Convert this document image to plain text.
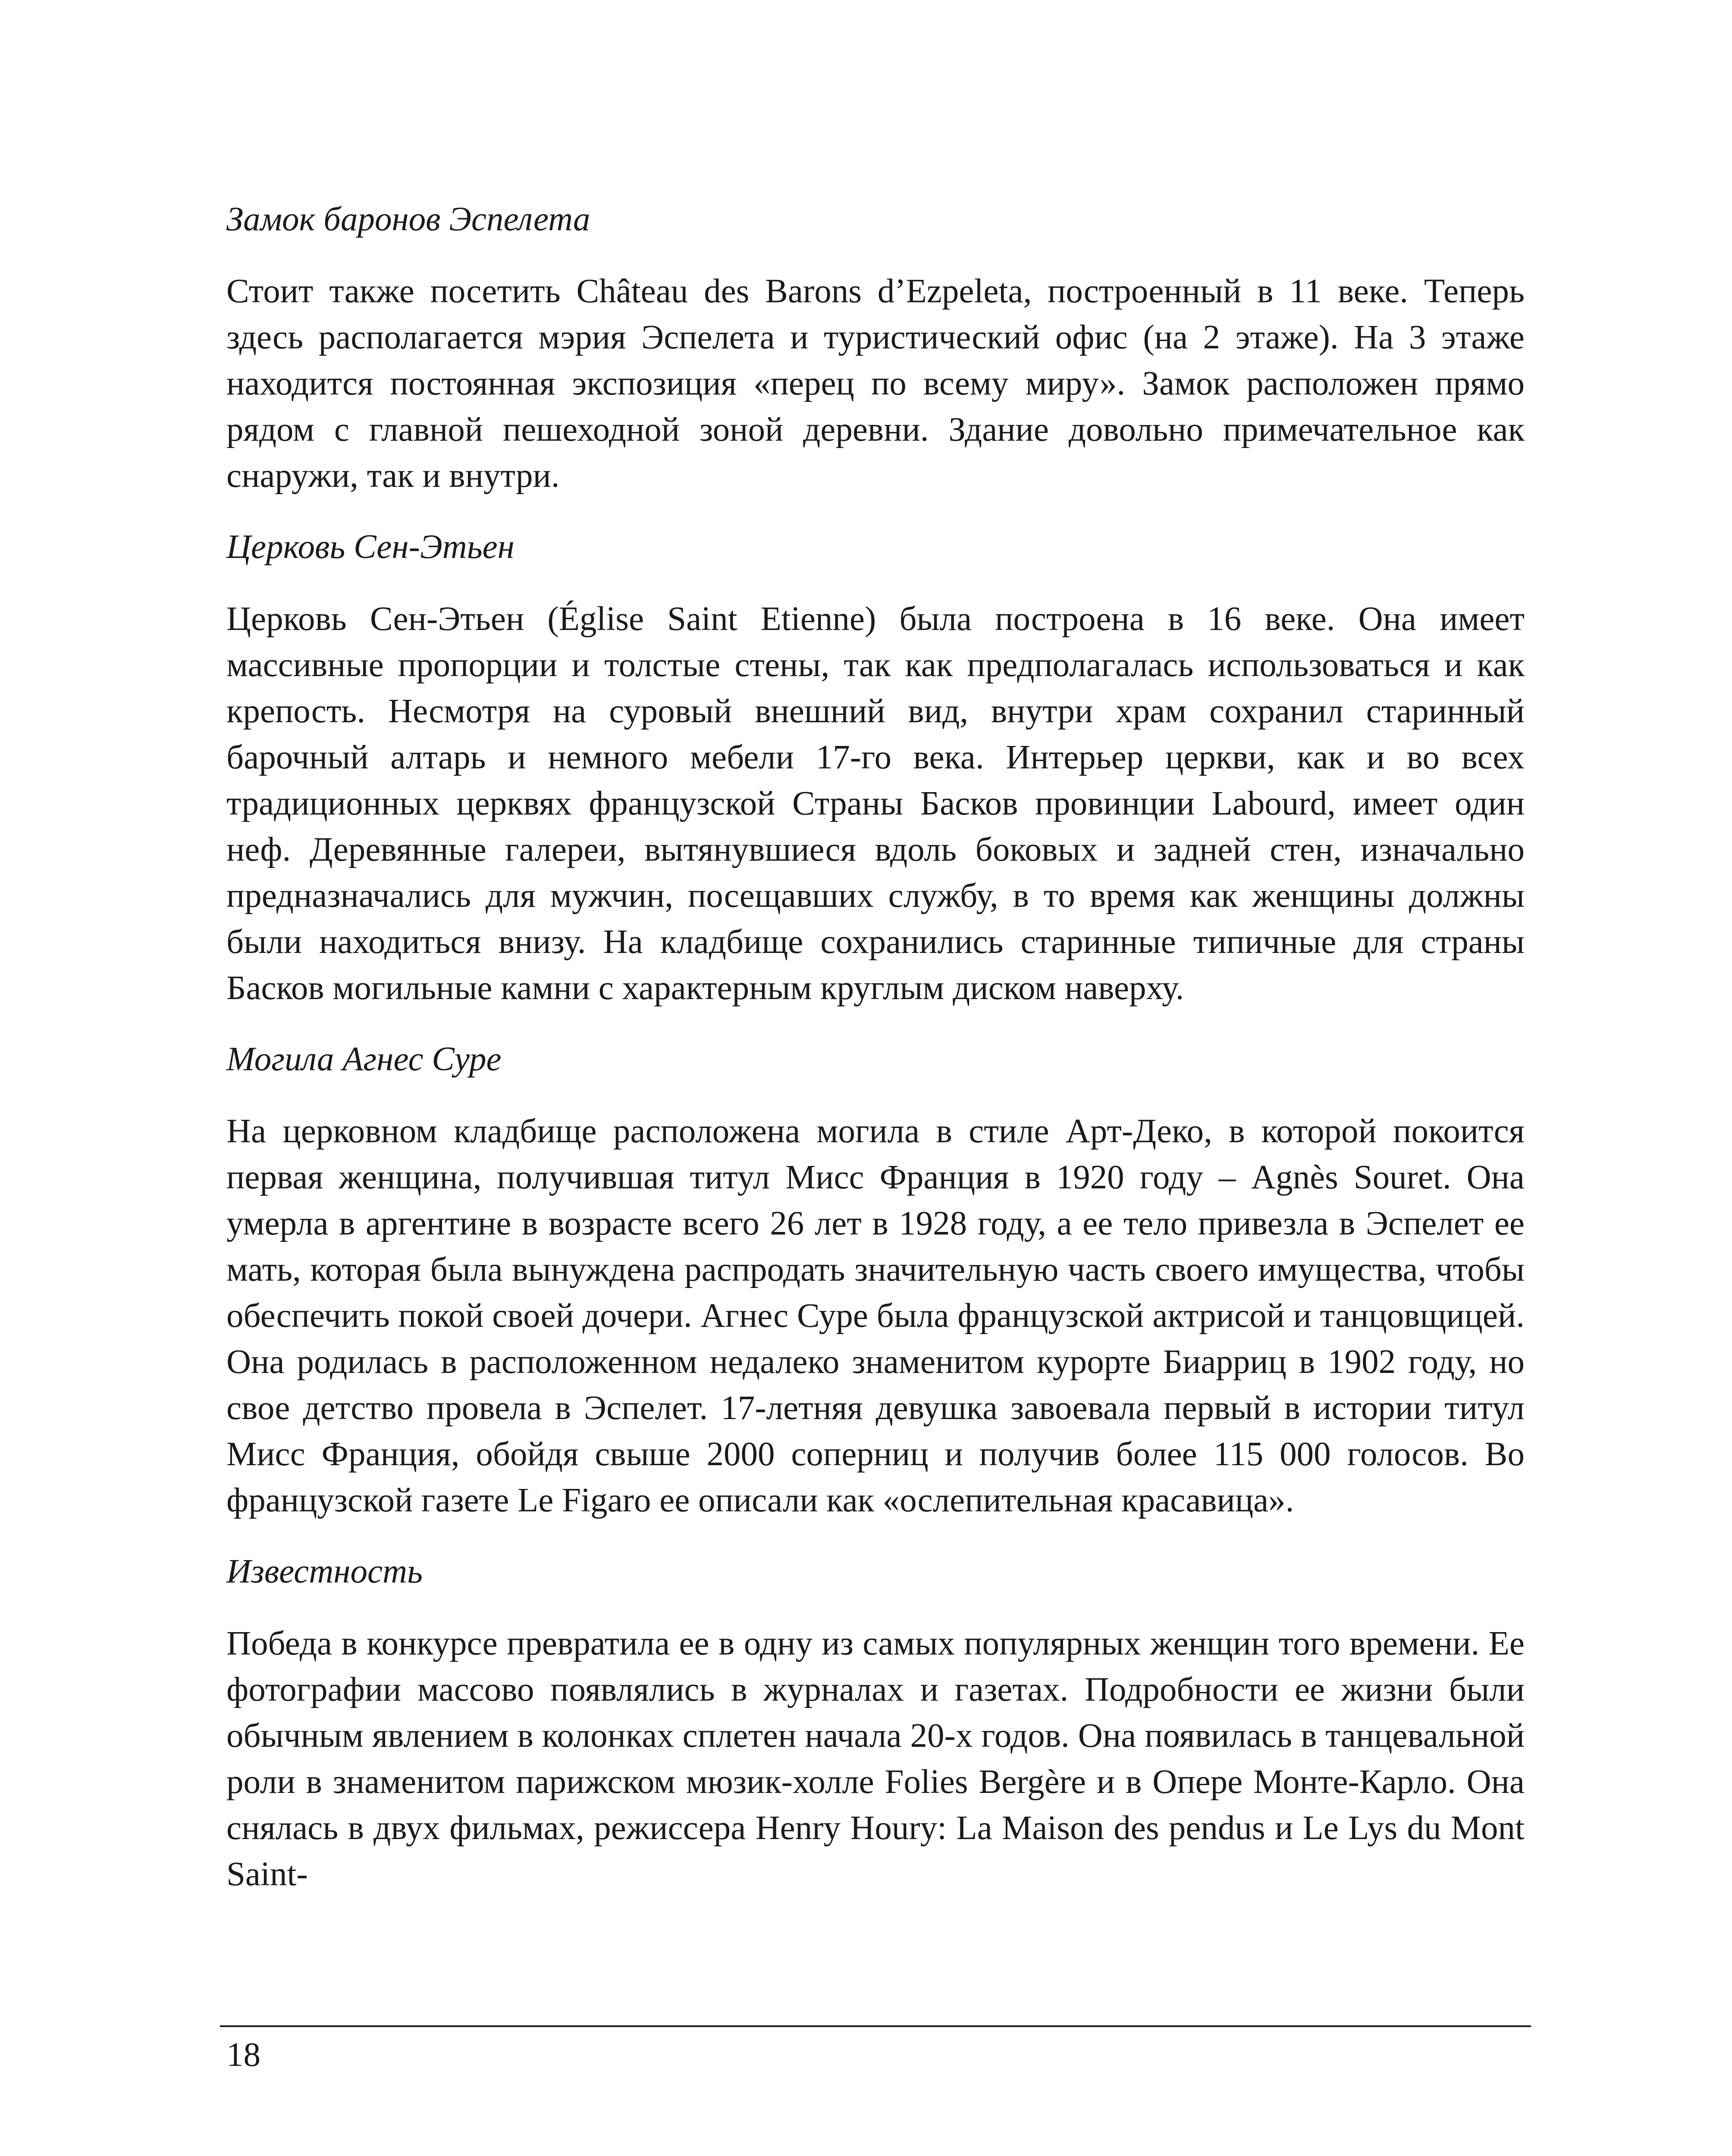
Замок баронов Эспелета

Стоит также посетить Château des Barons d’Ezpeleta, построенный в 11 веке. Теперь здесь располагается мэрия Эспелета и туристический офис (на 2 этаже). На 3 этаже находится постоянная экспозиция «перец по всему миру». Замок расположен прямо рядом с главной пешеходной зоной деревни. Здание довольно примечательное как снаружи, так и внутри.

Церковь Сен-Этьен

Церковь Сен-Этьен (Église Saint Etienne) была построена в 16 веке. Она имеет массивные пропорции и толстые стены, так как предполагалась использоваться и как крепость. Несмотря на суровый внешний вид, внутри храм сохранил старинный барочный алтарь и немного мебели 17-го века. Интерьер церкви, как и во всех традиционных церквях французской Страны Басков провинции Labourd, имеет один неф. Деревянные галереи, вытянувшиеся вдоль боковых и задней стен, изначально предназначались для мужчин, посещавших службу, в то время как женщины должны были находиться внизу. На кладбище сохранились старинные типичные для страны Басков могильные камни с характерным круглым диском наверху.

Могила Агнес Суре

На церковном кладбище расположена могила в стиле Арт-Деко, в которой покоится первая женщина, получившая титул Мисс Франция в 1920 году – Agnès Souret. Она умерла в аргентине в возрасте всего 26 лет в 1928 году, а ее тело привезла в Эспелет ее мать, которая была вынуждена распродать значительную часть своего имущества, чтобы обеспечить покой своей дочери. Агнес Суре была французской актрисой и танцовщицей. Она родилась в расположенном недалеко знаменитом курорте Биарриц в 1902 году, но свое детство провела в Эспелет. 17-летняя девушка завоевала первый в истории титул Мисс Франция, обойдя свыше 2000 соперниц и получив более 115 000 голосов. Во французской газете Le Figaro ее описали как «ослепительная красавица».

Известность

Победа в конкурсе превратила ее в одну из самых популярных женщин того времени. Ее фотографии массово появлялись в журналах и газетах. Подробности ее жизни были обычным явлением в колонках сплетен начала 20-х годов. Она появилась в танцевальной роли в знаменитом парижском мюзик-холле Folies Bergère и в Опере Монте-Карло. Она снялась в двух фильмах, режиссера Henry Houry: La Maison des pendus и Le Lys du Mont Saint-

18
